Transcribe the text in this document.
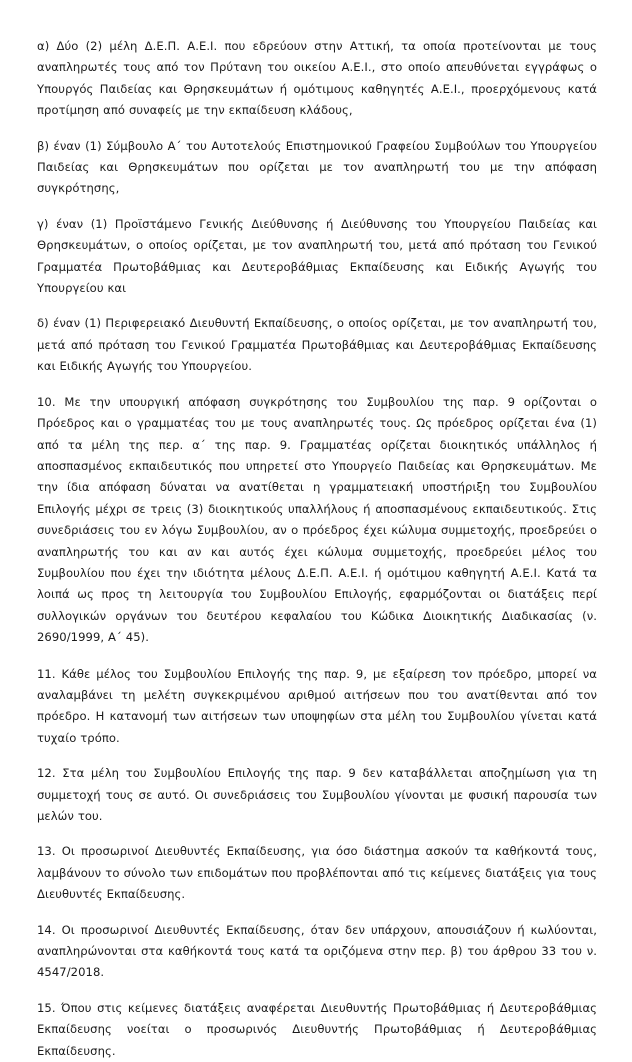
α) Δύο (2) μέλη Δ.Ε.Π. Α.Ε.Ι. που εδρεύουν στην Αττική, τα οποία προτείνονται με τους αναπληρωτές τους από τον Πρύτανη του οικείου Α.Ε.Ι., στο οποίο απευθύνεται εγγράφως ο Υπουργός Παιδείας και Θρησκευμάτων ή ομότιμους καθηγητές Α.Ε.Ι., προερχόμενους κατά προτίμηση από συναφείς με την εκπαίδευση κλάδους,

β) έναν (1) Σύμβουλο Α΄ του Αυτοτελούς Επιστημονικού Γραφείου Συμβούλων του Υπουργείου Παιδείας και Θρησκευμάτων που ορίζεται με τον αναπληρωτή του με την απόφαση συγκρότησης,

γ) έναν (1) Προϊστάμενο Γενικής Διεύθυνσης ή Διεύθυνσης του Υπουργείου Παιδείας και Θρησκευμάτων, ο οποίος ορίζεται, με τον αναπληρωτή του, μετά από πρόταση του Γενικού Γραμματέα Πρωτοβάθμιας και Δευτεροβάθμιας Εκπαίδευσης και Ειδικής Αγωγής του Υπουργείου και

δ) έναν (1) Περιφερειακό Διευθυντή Εκπαίδευσης, ο οποίος ορίζεται, με τον αναπληρωτή του, μετά από πρόταση του Γενικού Γραμματέα Πρωτοβάθμιας και Δευτεροβάθμιας Εκπαίδευσης και Ειδικής Αγωγής του Υπουργείου.

10. Με την υπουργική απόφαση συγκρότησης του Συμβουλίου της παρ. 9 ορίζονται ο Πρόεδρος και ο γραμματέας του με τους αναπληρωτές τους. Ως πρόεδρος ορίζεται ένα (1) από τα μέλη της περ. α΄ της παρ. 9. Γραμματέας ορίζεται διοικητικός υπάλληλος ή αποσπασμένος εκπαιδευτικός που υπηρετεί στο Υπουργείο Παιδείας και Θρησκευμάτων. Με την ίδια απόφαση δύναται να ανατίθεται η γραμματειακή υποστήριξη του Συμβουλίου Επιλογής μέχρι σε τρεις (3) διοικητικούς υπαλλήλους ή αποσπασμένους εκπαιδευτικούς. Στις συνεδριάσεις του εν λόγω Συμβουλίου, αν ο πρόεδρος έχει κώλυμα συμμετοχής, προεδρεύει ο αναπληρωτής του και αν και αυτός έχει κώλυμα συμμετοχής, προεδρεύει μέλος του Συμβουλίου που έχει την ιδιότητα μέλους Δ.Ε.Π. Α.Ε.Ι. ή ομότιμου καθηγητή Α.Ε.Ι. Κατά τα λοιπά ως προς τη λειτουργία του Συμβουλίου Επιλογής, εφαρμόζονται οι διατάξεις περί συλλογικών οργάνων του δευτέρου κεφαλαίου του Κώδικα Διοικητικής Διαδικασίας (ν. 2690/1999, Α΄ 45).

11. Κάθε μέλος του Συμβουλίου Επιλογής της παρ. 9, με εξαίρεση τον πρόεδρο, μπορεί να αναλαμβάνει τη μελέτη συγκεκριμένου αριθμού αιτήσεων που του ανατίθενται από τον πρόεδρο. Η κατανομή των αιτήσεων των υποψηφίων στα μέλη του Συμβουλίου γίνεται κατά τυχαίο τρόπο.

12. Στα μέλη του Συμβουλίου Επιλογής της παρ. 9 δεν καταβάλλεται αποζημίωση για τη συμμετοχή τους σε αυτό. Οι συνεδριάσεις του Συμβουλίου γίνονται με φυσική παρουσία των μελών του.

13. Οι προσωρινοί Διευθυντές Εκπαίδευσης, για όσο διάστημα ασκούν τα καθήκοντά τους, λαμβάνουν το σύνολο των επιδομάτων που προβλέπονται από τις κείμενες διατάξεις για τους Διευθυντές Εκπαίδευσης.

14. Οι προσωρινοί Διευθυντές Εκπαίδευσης, όταν δεν υπάρχουν, απουσιάζουν ή κωλύονται, αναπληρώνονται στα καθήκοντά τους κατά τα οριζόμενα στην περ. β) του άρθρου 33 του ν. 4547/2018.

15. Όπου στις κείμενες διατάξεις αναφέρεται Διευθυντής Πρωτοβάθμιας ή Δευτεροβάθμιας Εκπαίδευσης νοείται ο προσωρινός Διευθυντής Πρωτοβάθμιας ή Δευτεροβάθμιας Εκπαίδευσης.
